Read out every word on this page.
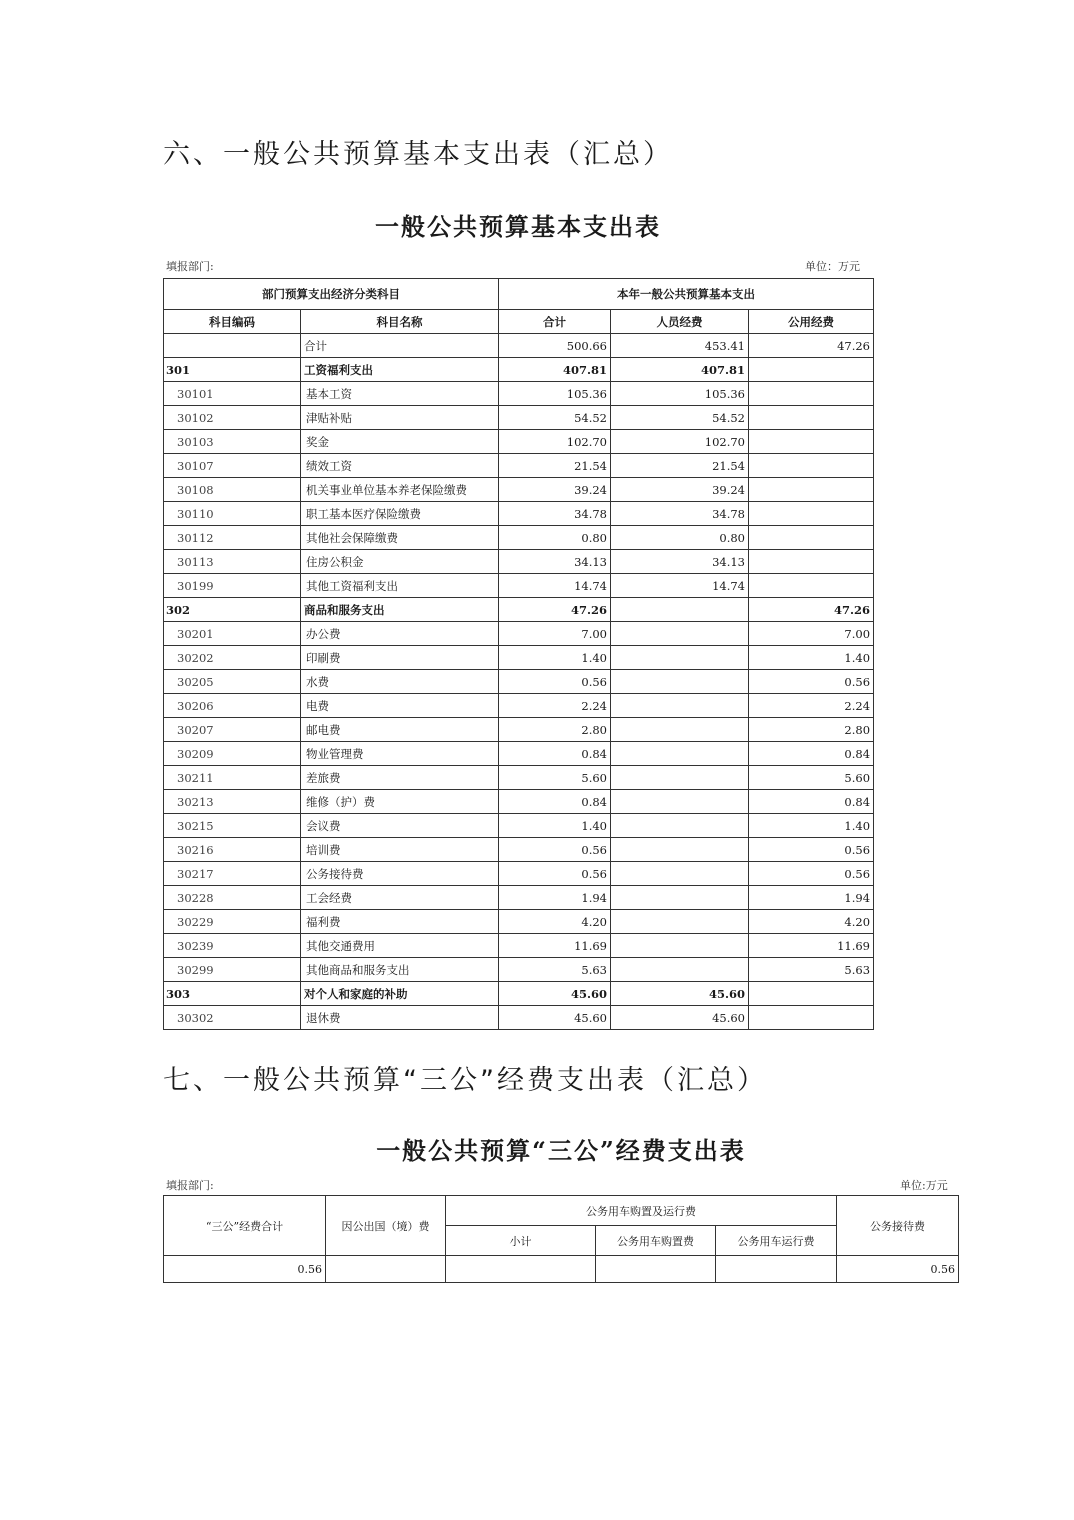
六、一般公共预算基本支出表（汇总）
一般公共预算基本支出表
填报部门:	单位：万元
部门预算支出经济分类科目		本年一般公共预算基本支出		
科目编码	科目名称	合计	人员经费	公用经费
	合计	500.66	453.41	47.26
301	工资福利支出	407.81	407.81	
30101	基本工资	105.36	105.36	
30102	津贴补贴	54.52	54.52	
30103	奖金	102.70	102.70	
30107	绩效工资	21.54	21.54	
30108	机关事业单位基本养老保险缴费	39.24	39.24	
30110	职工基本医疗保险缴费	34.78	34.78	
30112	其他社会保障缴费	0.80	0.80	
30113	住房公积金	34.13	34.13	
30199	其他工资福利支出	14.74	14.74	
302	商品和服务支出	47.26		47.26
30201	办公费	7.00		7.00
30202	印刷费	1.40		1.40
30205	水费	0.56		0.56
30206	电费	2.24		2.24
30207	邮电费	2.80		2.80
30209	物业管理费	0.84		0.84
30211	差旅费	5.60		5.60
30213	维修（护）费	0.84		0.84
30215	会议费	1.40		1.40
30216	培训费	0.56		0.56
30217	公务接待费	0.56		0.56
30228	工会经费	1.94		1.94
30229	福利费	4.20		4.20
30239	其他交通费用	11.69		11.69
30299	其他商品和服务支出	5.63		5.63
303	对个人和家庭的补助	45.60	45.60	
30302	退休费	45.60	45.60	
七、一般公共预算“三公”经费支出表（汇总）
一般公共预算“三公”经费支出表
填报部门:	单位:万元
“三公”经费合计	因公出国（境）费	公务用车购置及运行费			公务接待费
		小计	公务用车购置费	公务用车运行费	
0.56					0.56
